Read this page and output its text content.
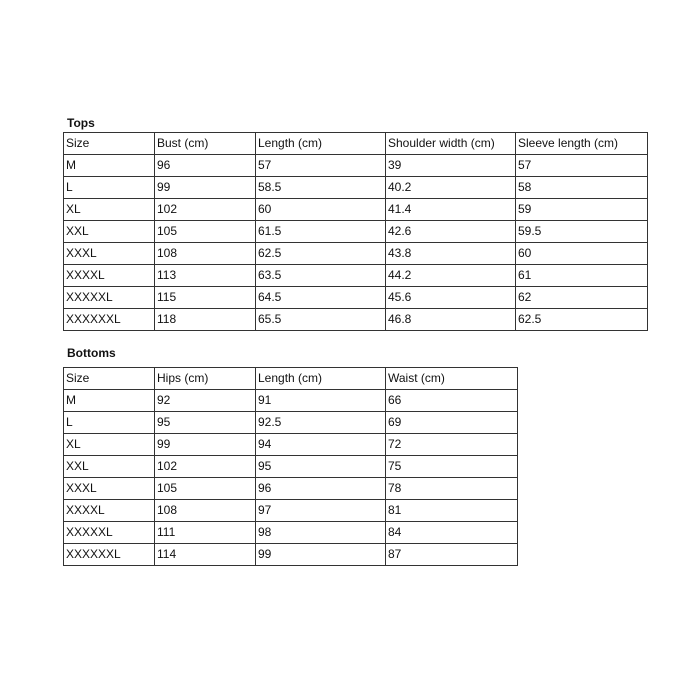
Tops
Size	Bust (cm)	Length (cm)	Shoulder width (cm)	Sleeve length (cm)
M	96	57	39	57
L	99	58.5	40.2	58
XL	102	60	41.4	59
XXL	105	61.5	42.6	59.5
XXXL	108	62.5	43.8	60
XXXXL	113	63.5	44.2	61
XXXXXL	115	64.5	45.6	62
XXXXXXL	118	65.5	46.8	62.5
Bottoms
Size	Hips (cm)	Length (cm)	Waist (cm)
M	92	91	66
L	95	92.5	69
XL	99	94	72
XXL	102	95	75
XXXL	105	96	78
XXXXL	108	97	81
XXXXXL	111	98	84
XXXXXXL	114	99	87
